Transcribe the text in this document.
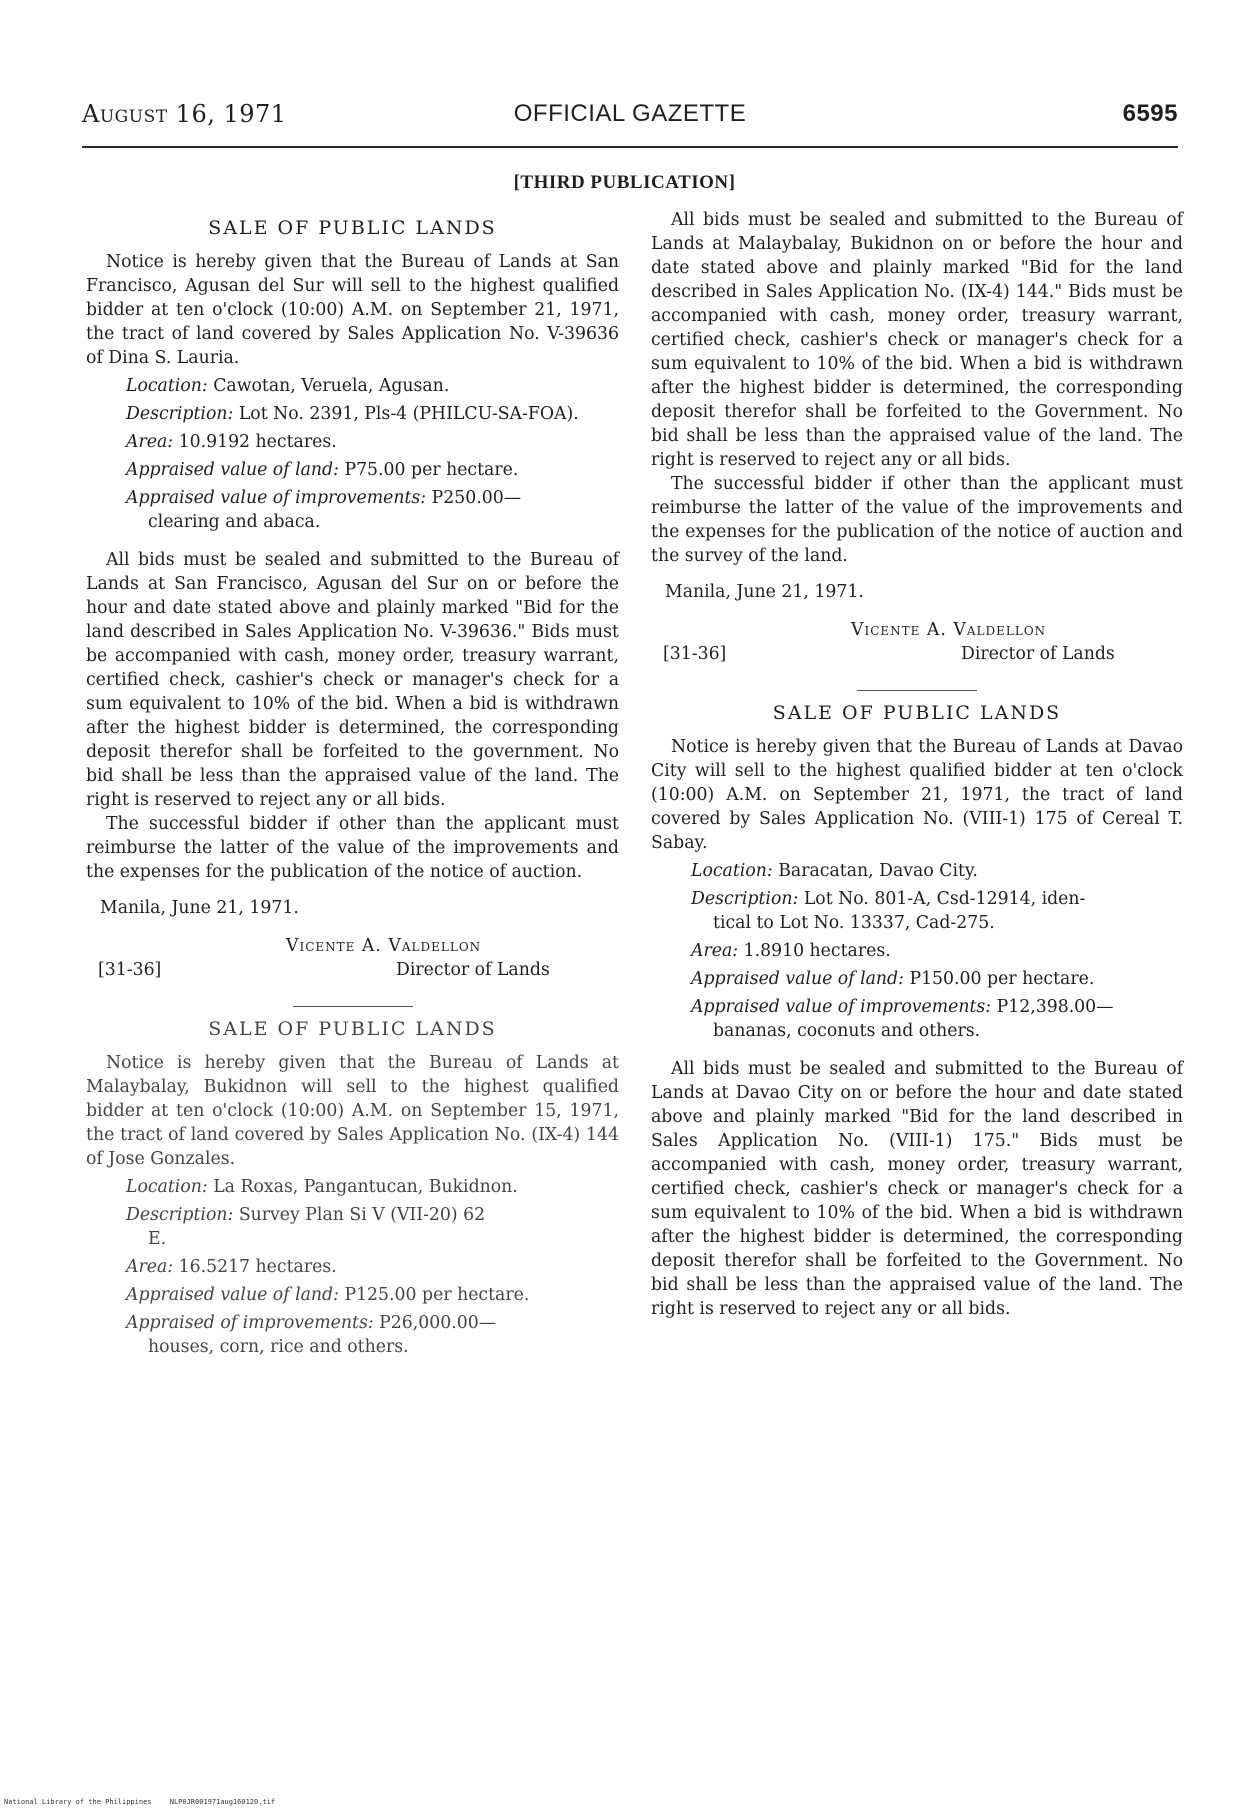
August 16, 1971	OFFICIAL GAZETTE	6595
[THIRD PUBLICATION]

SALE OF PUBLIC LANDS

Notice is hereby given that the Bureau of Lands at San Francisco, Agusan del Sur will sell to the highest qualified bidder at ten o'clock (10:00) A.M. on September 21, 1971, the tract of land covered by Sales Application No. V-39636 of Dina S. Lauria.

Location: Cawotan, Veruela, Agusan.

Description: Lot No. 2391, Pls-4 (PHILCU-SA-FOA).

Area: 10.9192 hectares.

Appraised value of land: P75.00 per hectare.

Appraised value of improvements: P250.00—
clearing and abaca.

All bids must be sealed and submitted to the Bureau of Lands at San Francisco, Agusan del Sur on or before the hour and date stated above and plainly marked "Bid for the land described in Sales Application No. V-39636." Bids must be accompanied with cash, money order, treasury warrant, certified check, cashier's check or manager's check for a sum equivalent to 10% of the bid. When a bid is withdrawn after the highest bidder is determined, the corresponding deposit therefor shall be forfeited to the government. No bid shall be less than the appraised value of the land. The right is reserved to reject any or all bids.

The successful bidder if other than the applicant must reimburse the latter of the value of the improvements and the expenses for the publication of the notice of auction.

Manila, June 21, 1971.

Vicente A. Valdellon
Director of Lands
[31-36]

SALE OF PUBLIC LANDS

Notice is hereby given that the Bureau of Lands at Malaybalay, Bukidnon will sell to the highest qualified bidder at ten o'clock (10:00) A.M. on September 15, 1971, the tract of land covered by Sales Application No. (IX-4) 144 of Jose Gonzales.

Location: La Roxas, Pangantucan, Bukidnon.

Description: Survey Plan Si V (VII-20) 62
E.

Area: 16.5217 hectares.

Appraised value of land: P125.00 per hectare.

Appraised of improvements: P26,000.00—
houses, corn, rice and others.

All bids must be sealed and submitted to the Bureau of Lands at Malaybalay, Bukidnon on or before the hour and date stated above and plainly marked "Bid for the land described in Sales Application No. (IX-4) 144." Bids must be accompanied with cash, money order, treasury warrant, certified check, cashier's check or manager's check for a sum equivalent to 10% of the bid. When a bid is withdrawn after the highest bidder is determined, the corresponding deposit therefor shall be forfeited to the Government. No bid shall be less than the appraised value of the land. The right is reserved to reject any or all bids.

The successful bidder if other than the applicant must reimburse the latter of the value of the improvements and the expenses for the publication of the notice of auction and the survey of the land.

Manila, June 21, 1971.

Vicente A. Valdellon
Director of Lands
[31-36]

SALE OF PUBLIC LANDS

Notice is hereby given that the Bureau of Lands at Davao City will sell to the highest qualified bidder at ten o'clock (10:00) A.M. on September 21, 1971, the tract of land covered by Sales Application No. (VIII-1) 175 of Cereal T. Sabay.

Location: Baracatan, Davao City.

Description: Lot No. 801-A, Csd-12914, iden-
tical to Lot No. 13337, Cad-275.

Area: 1.8910 hectares.

Appraised value of land: P150.00 per hectare.

Appraised value of improvements: P12,398.00—
bananas, coconuts and others.

All bids must be sealed and submitted to the Bureau of Lands at Davao City on or before the hour and date stated above and plainly marked "Bid for the land described in Sales Application No. (VIII-1) 175." Bids must be accompanied with cash, money order, treasury warrant, certified check, cashier's check or manager's check for a sum equivalent to 10% of the bid. When a bid is withdrawn after the highest bidder is determined, the corresponding deposit therefor shall be forfeited to the Government. No bid shall be less than the appraised value of the land. The right is reserved to reject any or all bids.

National Library of the Philippines	NLP0JR001971aug160120.tif
